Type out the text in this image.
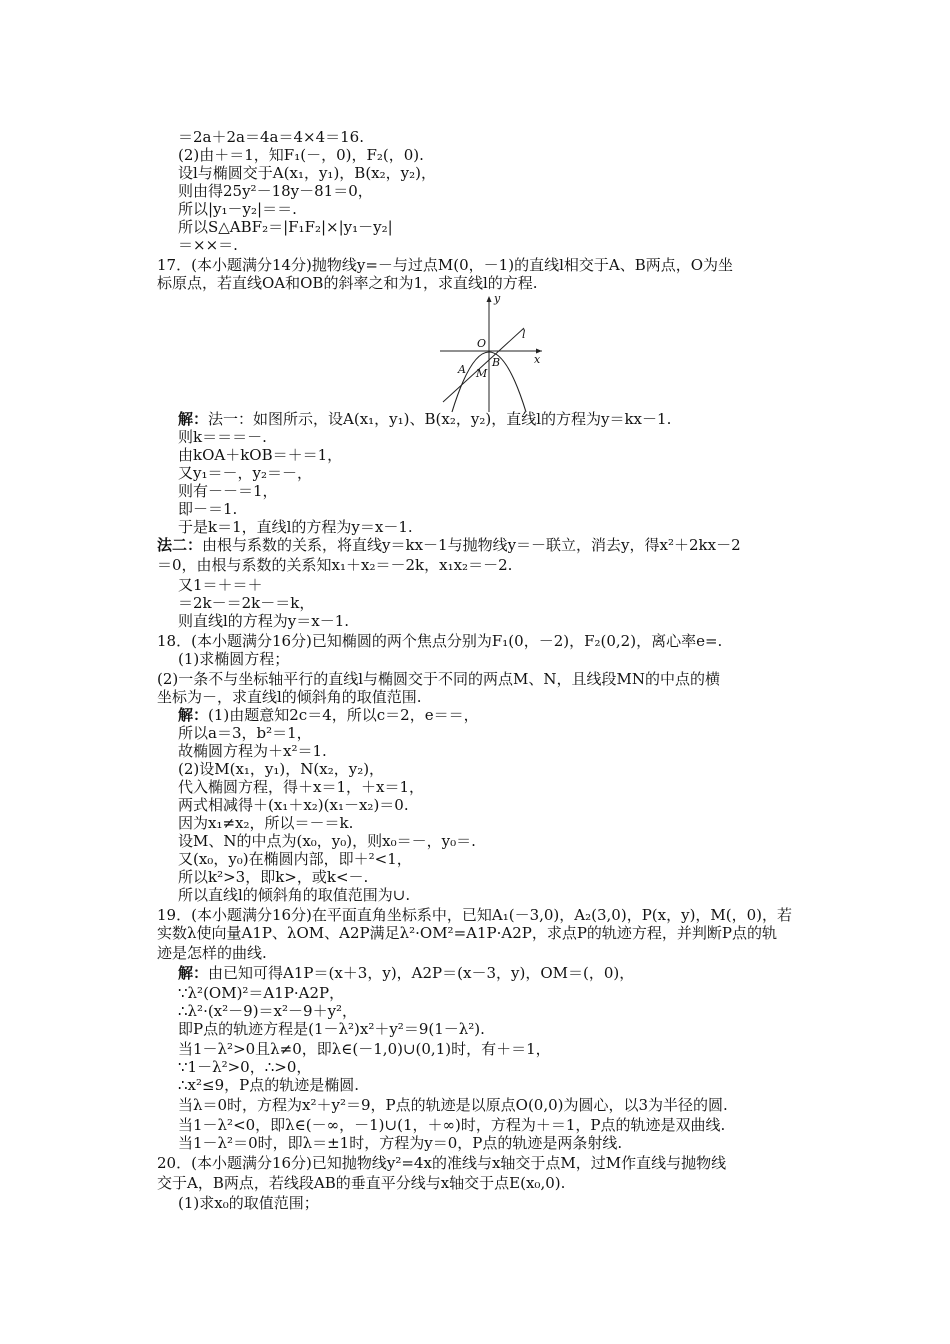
＝2a＋2a＝4a＝4×4＝16.
(2)由＋＝1，知F₁(－，0)，F₂(，0).
设l与椭圆交于A(x₁，y₁)，B(x₂，y₂)，
则由得25y²－18y－81＝0，
所以|y₁－y₂|＝＝.
所以S△ABF₂＝|F₁F₂|×|y₁－y₂|
＝××＝.
17．(本小题满分14分)抛物线y=－与过点M(0，－1)的直线l相交于A、B两点，O为坐
标原点，若直线OA和OB的斜率之和为1，求直线l的方程.
解：法一：如图所示，设A(x₁，y₁)、B(x₂，y₂)，直线l的方程为y＝kx－1.
则k＝＝＝－.
由kOA＋kOB＝＋＝1，
又y₁＝－，y₂＝－，
则有－－＝1，
即－＝1.
于是k＝1，直线l的方程为y＝x－1.
法二：由根与系数的关系，将直线y＝kx－1与抛物线y＝－联立，消去y，得x²＋2kx－2
＝0，由根与系数的关系知x₁＋x₂＝－2k，x₁x₂＝－2.
又1＝＋＝＋
＝2k－＝2k－＝k，
则直线l的方程为y＝x－1.
18．(本小题满分16分)已知椭圆的两个焦点分别为F₁(0，－2)，F₂(0,2)，离心率e=.
(1)求椭圆方程；
(2)一条不与坐标轴平行的直线l与椭圆交于不同的两点M、N，且线段MN的中点的横
坐标为－，求直线l的倾斜角的取值范围.
解：(1)由题意知2c＝4，所以c＝2，e＝＝，
所以a＝3，b²＝1，
故椭圆方程为＋x²＝1.
(2)设M(x₁，y₁)，N(x₂，y₂)，
代入椭圆方程，得＋x＝1，＋x＝1，
两式相减得＋(x₁＋x₂)(x₁－x₂)＝0.
因为x₁≠x₂，所以＝－＝k.
设M、N的中点为(x₀，y₀)，则x₀＝－，y₀＝.
又(x₀，y₀)在椭圆内部，即＋²<1，
所以k²>3，即k>，或k<－.
所以直线l的倾斜角的取值范围为∪.
19．(本小题满分16分)在平面直角坐标系中，已知A₁(－3,0)，A₂(3,0)，P(x，y)，M(，0)，若
实数λ使向量A1P、λOM、A2P满足λ²·OM²=A1P·A2P，求点P的轨迹方程，并判断P点的轨
迹是怎样的曲线.
解：由已知可得A1P＝(x＋3，y)，A2P＝(x－3，y)，OM＝(，0)，
∵λ²(OM)²＝A1P·A2P，
∴λ²·(x²－9)＝x²－9＋y²，
即P点的轨迹方程是(1－λ²)x²＋y²＝9(1－λ²).
当1－λ²>0且λ≠0，即λ∈(－1,0)∪(0,1)时，有＋＝1，
∵1－λ²>0，∴>0，
∴x²≤9，P点的轨迹是椭圆.
当λ＝0时，方程为x²＋y²＝9，P点的轨迹是以原点O(0,0)为圆心，以3为半径的圆.
当1－λ²<0，即λ∈(－∞，－1)∪(1，＋∞)时，方程为＋＝1，P点的轨迹是双曲线.
当1－λ²＝0时，即λ＝±1时，方程为y＝0，P点的轨迹是两条射线.
20．(本小题满分16分)已知抛物线y²=4x的准线与x轴交于点M，过M作直线与抛物线
交于A，B两点，若线段AB的垂直平分线与x轴交于点E(x₀,0).
(1)求x₀的取值范围；
y
x
O
l
A
B
M
